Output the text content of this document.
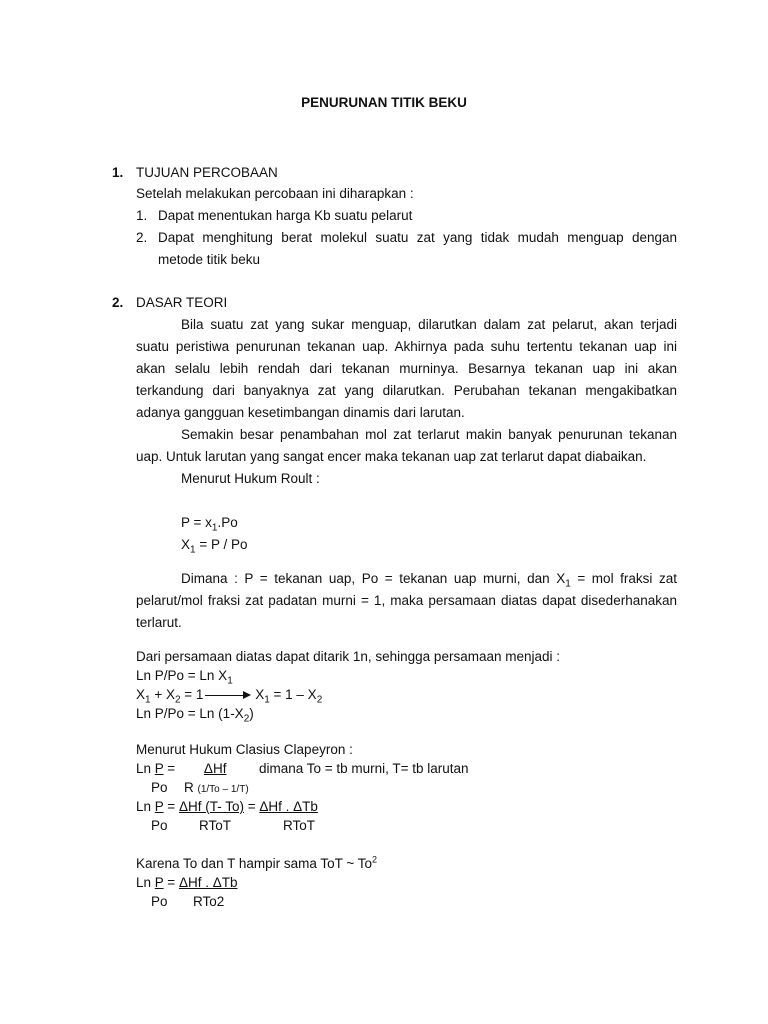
PENURUNAN TITIK BEKU
1. TUJUAN PERCOBAAN
Setelah melakukan percobaan ini diharapkan :
1. Dapat menentukan harga Kb suatu pelarut
2. Dapat menghitung berat molekul suatu zat yang tidak mudah menguap dengan
metode titik beku
2. DASAR TEORI
Bila suatu zat yang sukar menguap, dilarutkan dalam zat pelarut, akan terjadi
suatu peristiwa penurunan tekanan uap. Akhirnya pada suhu tertentu tekanan uap ini
akan selalu lebih rendah dari tekanan murninya. Besarnya tekanan uap ini akan
terkandung dari banyaknya zat yang dilarutkan. Perubahan tekanan mengakibatkan
adanya gangguan kesetimbangan dinamis dari larutan.
Semakin besar penambahan mol zat terlarut makin banyak penurunan tekanan
uap. Untuk larutan yang sangat encer maka tekanan uap zat terlarut dapat diabaikan.
Menurut Hukum Roult :
$P = x_1.Po$
$X_1 = P / Po$
Dimana : P = tekanan uap, Po = tekanan uap murni, dan $X_1$ = mol fraksi zat
pelarut/mol fraksi zat padatan murni = 1, maka persamaan diatas dapat disederhanakan
terlarut.
Dari persamaan diatas dapat ditarik 1n, sehingga persamaan menjadi :
Ln P/Po = Ln $X_1$
$X_1 + X_2 = 1$	$X_1 = 1 - X_2$
Ln P/Po = Ln $(1-X_2)$
Menurut Hukum Clasius Clapeyron :
Ln P = ΔHf dimana To = tb murni, T= tb larutan
Po R (1/To – 1/T)
Ln P = ΔHf (T- To) = ΔHf . ΔTb
Po RToT	RToT
Karena To dan T hampir sama ToT ~ To$^2$
Ln P = ΔHf . ΔTb
Po RTo2
